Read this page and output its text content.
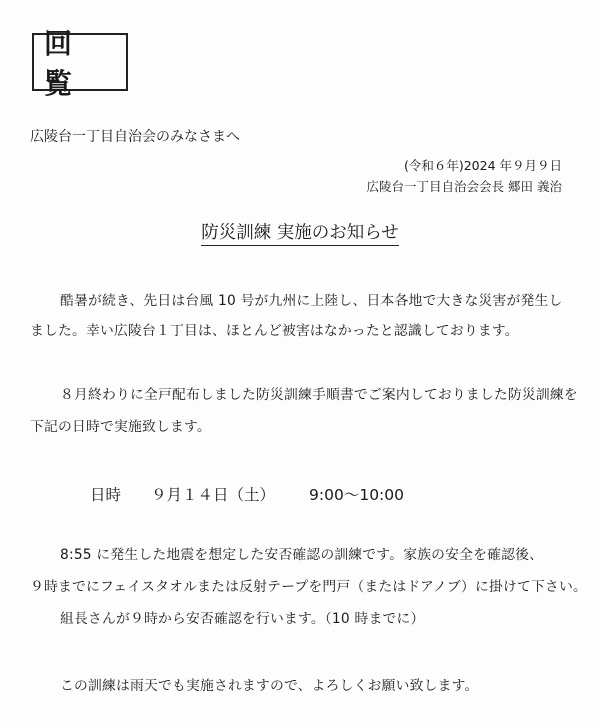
回 覧
広陵台一丁目自治会のみなさまへ
(令和６年)2024 年９月９日
広陵台一丁目自治会会長 郷田 義治
防災訓練 実施のお知らせ
酷暑が続き、先日は台風 10 号が九州に上陸し、日本各地で大きな災害が発生し
ました。幸い広陵台１丁目は、ほとんど被害はなかったと認識しております。
８月終わりに全戸配布しました防災訓練手順書でご案内しておりました防災訓練を
下記の日時で実施致します。
日時 ９月１４日（土） 9:00～10:00
8:55 に発生した地震を想定した安否確認の訓練です。家族の安全を確認後、
９時までにフェイスタオルまたは反射テープを門戸（またはドアノブ）に掛けて下さい。
組長さんが９時から安否確認を行います。（10 時までに）
この訓練は雨天でも実施されますので、よろしくお願い致します。
